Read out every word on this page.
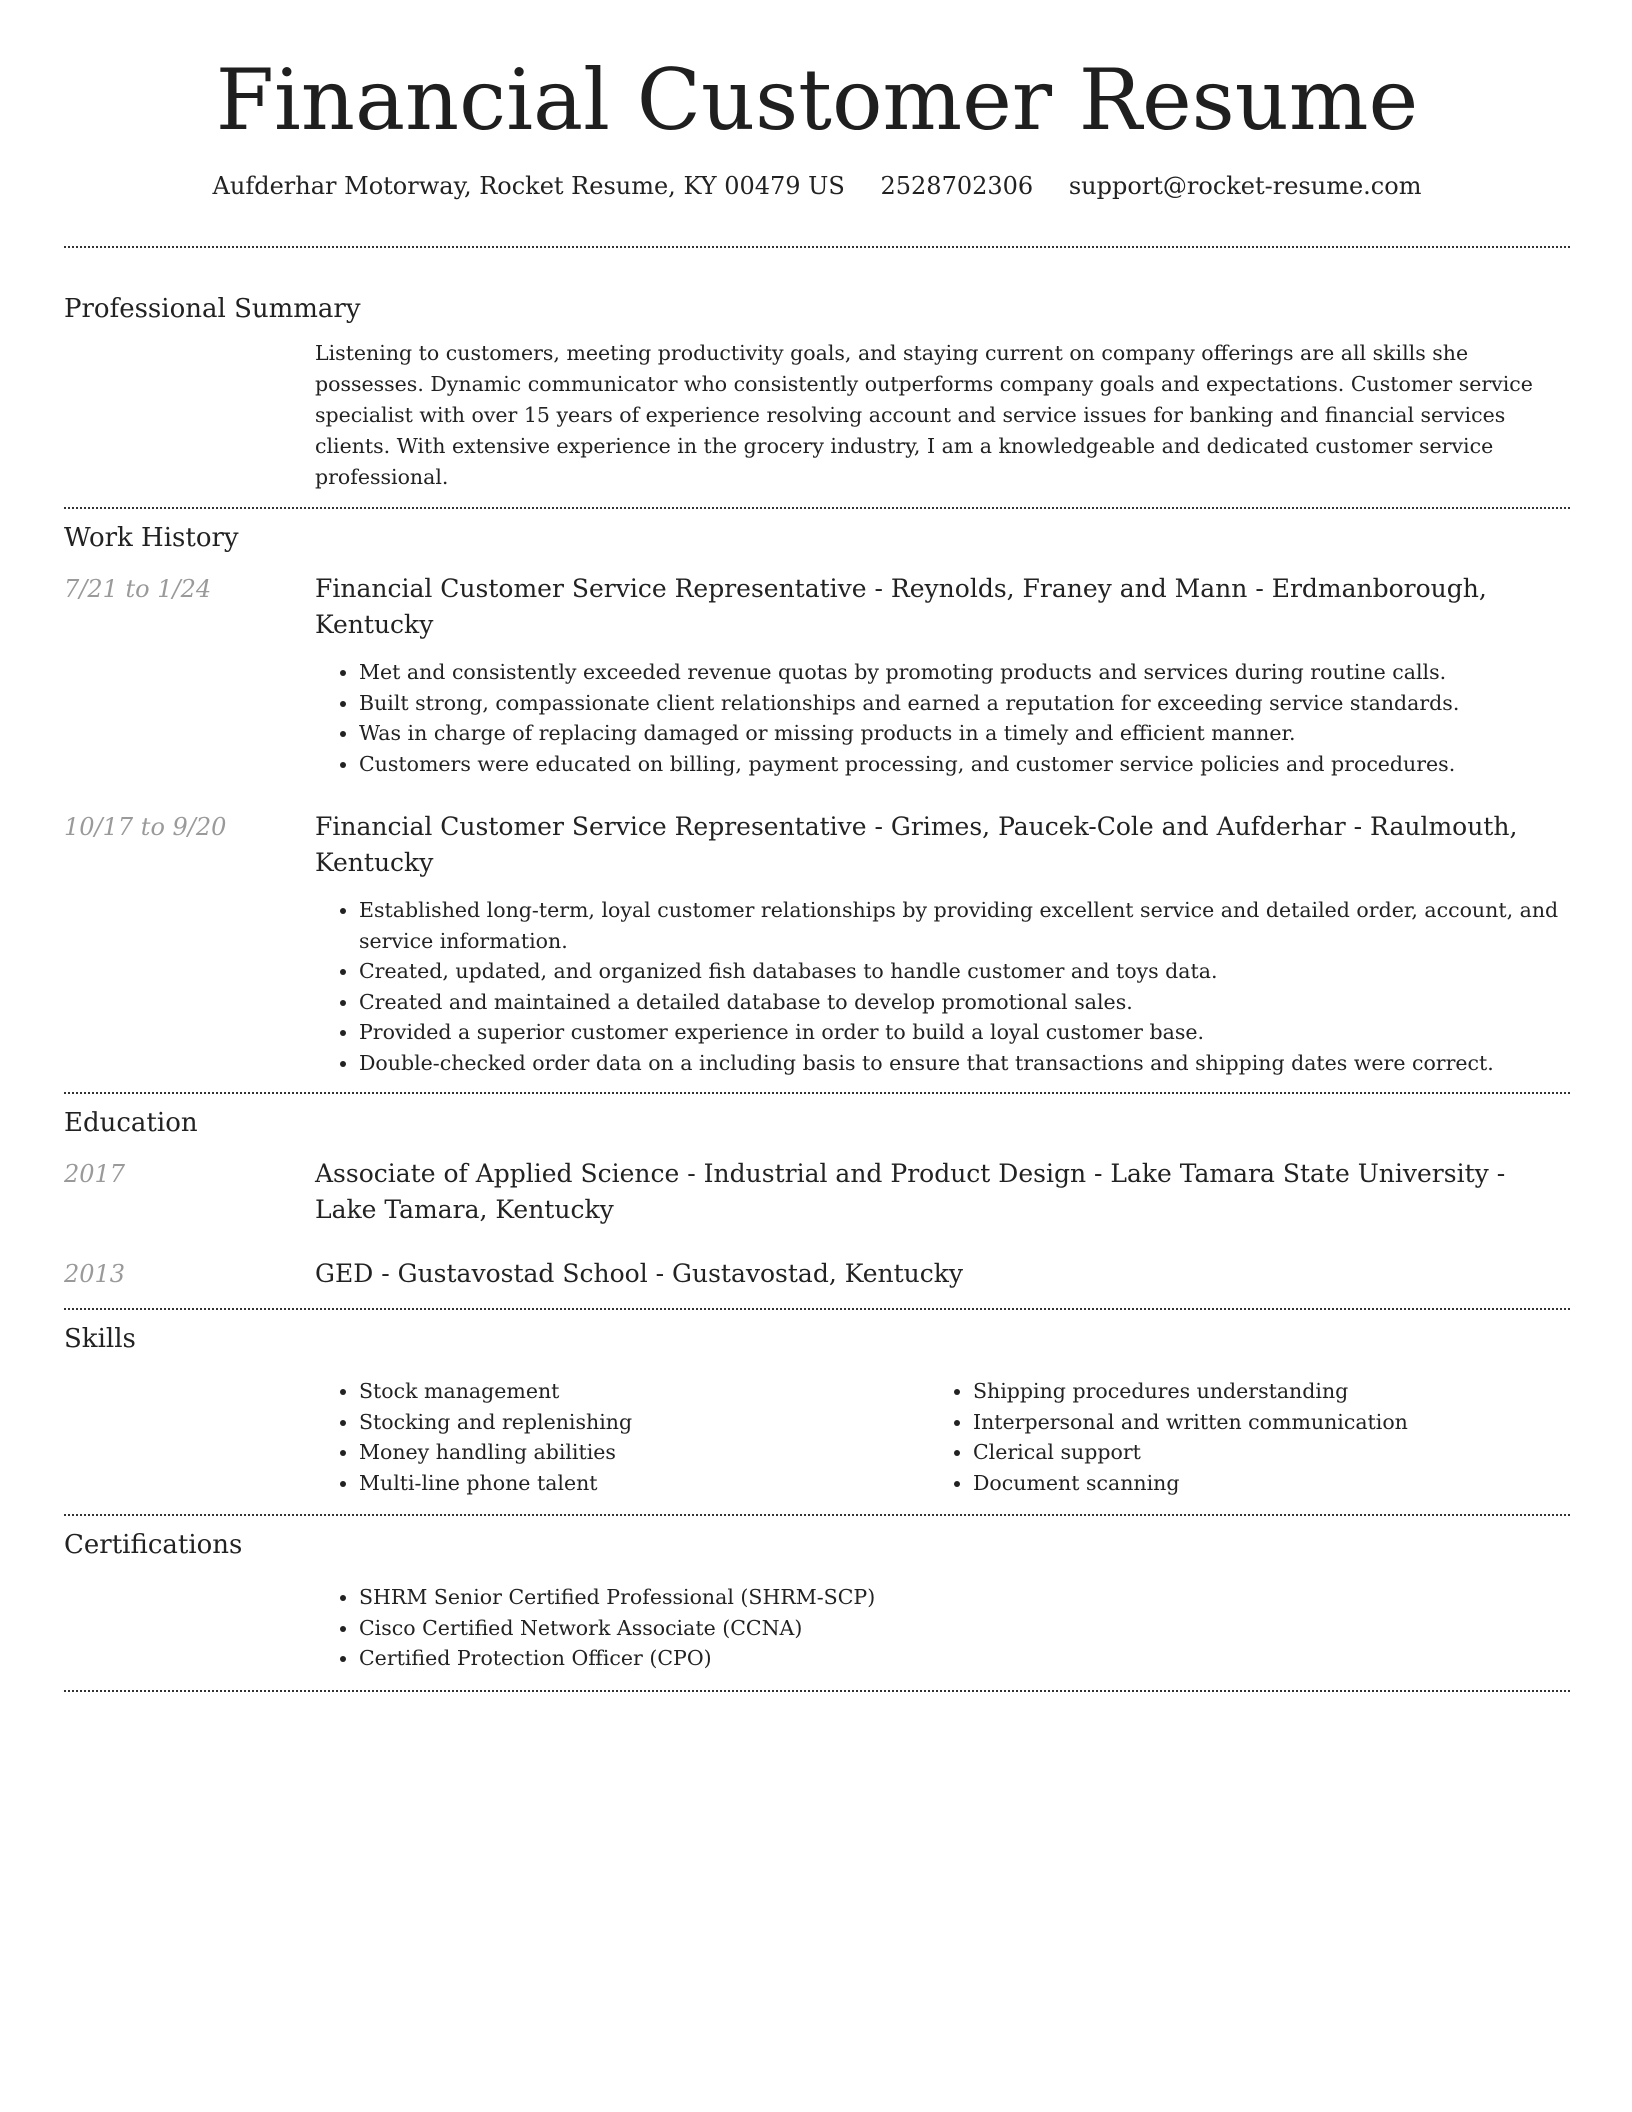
Financial Customer Resume
Aufderhar Motorway, Rocket Resume, KY 00479 US 2528702306 support@rocket-resume.com
Professional Summary

Listening to customers, meeting productivity goals, and staying current on company offerings are all skills she possesses. Dynamic communicator who consistently outperforms company goals and expectations. Customer service specialist with over 15 years of experience resolving account and service issues for banking and financial services clients. With extensive experience in the grocery industry, I am a knowledgeable and dedicated customer service professional.

Work History
7/21 to 1/24	Financial Customer Service Representative - Reynolds, Franey and Mann - Erdmanborough, Kentucky
• Met and consistently exceeded revenue quotas by promoting products and services during routine calls.
• Built strong, compassionate client relationships and earned a reputation for exceeding service standards.
• Was in charge of replacing damaged or missing products in a timely and efficient manner.
• Customers were educated on billing, payment processing, and customer service policies and procedures.
10/17 to 9/20	Financial Customer Service Representative - Grimes, Paucek-Cole and Aufderhar - Raulmouth, Kentucky
• Established long-term, loyal customer relationships by providing excellent service and detailed order, account, and service information.
• Created, updated, and organized fish databases to handle customer and toys data.
• Created and maintained a detailed database to develop promotional sales.
• Provided a superior customer experience in order to build a loyal customer base.
• Double-checked order data on a including basis to ensure that transactions and shipping dates were correct.
Education
2017	Associate of Applied Science - Industrial and Product Design - Lake Tamara State University - Lake Tamara, Kentucky
2013	GED - Gustavostad School - Gustavostad, Kentucky
Skills
• Stock management
• Stocking and replenishing
• Money handling abilities
• Multi-line phone talent
• Shipping procedures understanding
• Interpersonal and written communication
• Clerical support
• Document scanning
Certifications
• SHRM Senior Certified Professional (SHRM-SCP)
• Cisco Certified Network Associate (CCNA)
• Certified Protection Officer (CPO)
